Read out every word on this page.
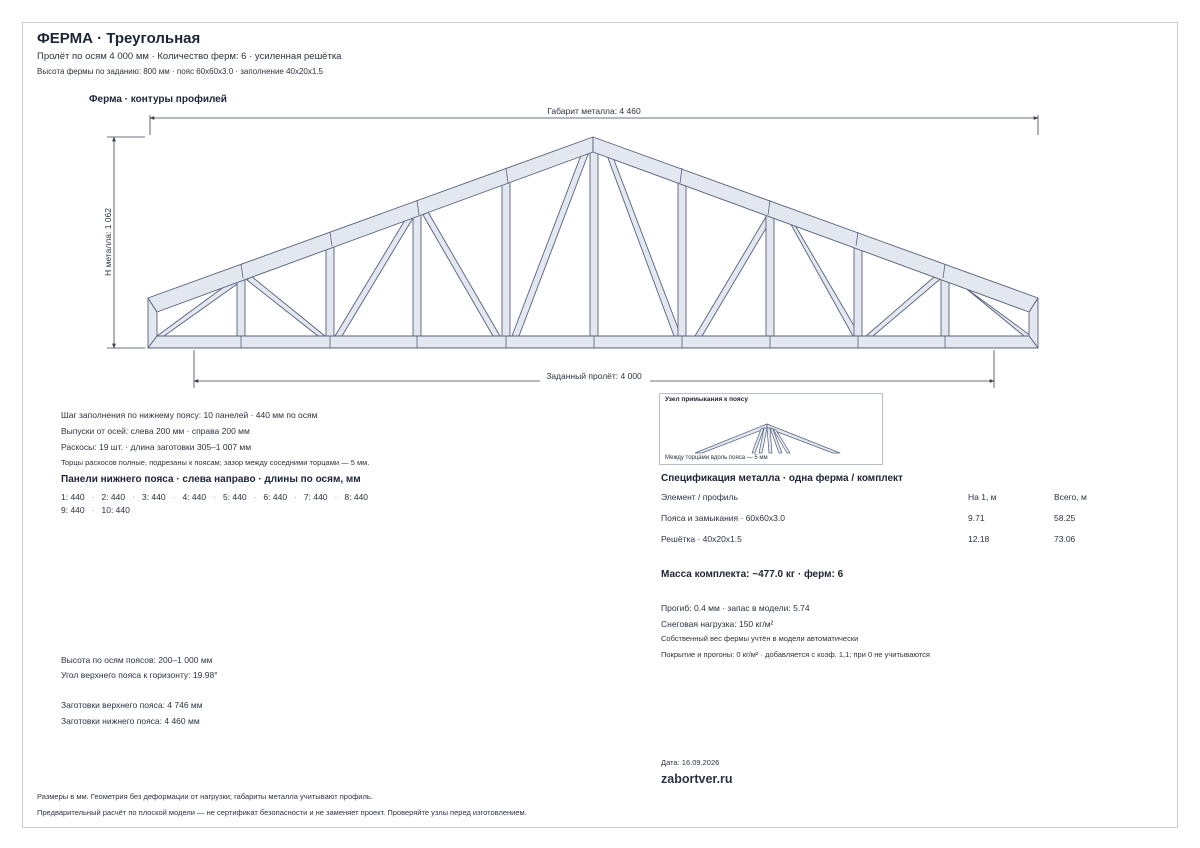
ФЕРМА · Треугольная
Пролёт по осям 4 000 мм · Количество ферм: 6 · усиленная решётка
Высота фермы по заданию: 800 мм · пояс 60x60x3.0 · заполнение 40x20x1.5
Ферма · контуры профилей
Габарит металла: 4 460
H металла: 1 062
Заданный пролёт: 4 000
Шаг заполнения по нижнему поясу: 10 панелей · 440 мм по осям
Выпуски от осей: слева 200 мм · справа 200 мм
Раскосы: 19 шт. · длина заготовки 305–1 007 мм
Торцы раскосов полные, подрезаны к поясам; зазор между соседними торцами — 5 мм.
Панели нижнего пояса · слева направо · длины по осям, мм
1: 440 · 2: 440 · 3: 440 · 4: 440 · 5: 440 · 6: 440 · 7: 440 · 8: 440
9: 440 · 10: 440
Узел примыкания к поясу
Между торцами вдоль пояса — 5 мм
Спецификация металла · одна ферма / комплект
Элемент / профиль	На 1, м	Всего, м
Пояса и замыкания · 60x60x3.0	9.71	58.25
Решётка · 40x20x1.5	12.18	73.06
Масса комплекта: ~477.0 кг · ферм: 6
Прогиб: 0.4 мм · запас в модели: 5.74
Снеговая нагрузка: 150 кг/м²
Собственный вес фермы учтён в модели автоматически
Покрытие и прогоны: 0 кг/м² · добавляется с коэф. 1,1; при 0 не учитываются
Высота по осям поясов: 200–1 000 мм
Угол верхнего пояса к горизонту: 19.98°
Заготовки верхнего пояса: 4 746 мм
Заготовки нижнего пояса: 4 460 мм
Дата: 16.09.2026
zabortver.ru
Размеры в мм. Геометрия без деформации от нагрузки; габариты металла учитывают профиль.
Предварительный расчёт по плоской модели — не сертификат безопасности и не заменяет проект. Проверяйте узлы перед изготовлением.
